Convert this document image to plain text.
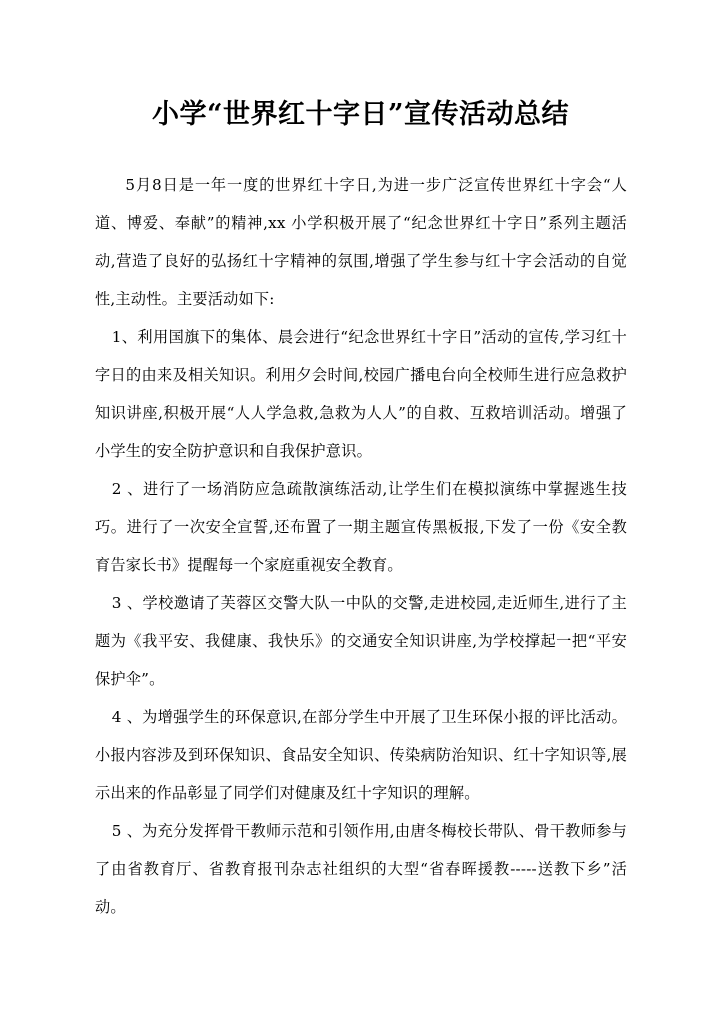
小学“世界红十字日”宣传活动总结

5月8日是一年一度的世界红十字日,为进一步广泛宣传世界红十字会“人道、博爱、奉献”的精神,xx 小学积极开展了“纪念世界红十字日”系列主题活动,营造了良好的弘扬红十字精神的氛围,增强了学生参与红十字会活动的自觉性,主动性。主要活动如下:

1、利用国旗下的集体、晨会进行“纪念世界红十字日”活动的宣传,学习红十字日的由来及相关知识。利用夕会时间,校园广播电台向全校师生进行应急救护知识讲座,积极开展“人人学急救,急救为人人”的自救、互救培训活动。增强了小学生的安全防护意识和自我保护意识。

2 、进行了一场消防应急疏散演练活动,让学生们在模拟演练中掌握逃生技巧。进行了一次安全宣誓,还布置了一期主题宣传黑板报,下发了一份《安全教育告家长书》提醒每一个家庭重视安全教育。

3 、学校邀请了芙蓉区交警大队一中队的交警,走进校园,走近师生,进行了主题为《我平安、我健康、我快乐》的交通安全知识讲座,为学校撑起一把“平安保护伞”。

4 、为增强学生的环保意识,在部分学生中开展了卫生环保小报的评比活动。小报内容涉及到环保知识、食品安全知识、传染病防治知识、红十字知识等,展示出来的作品彰显了同学们对健康及红十字知识的理解。

5 、为充分发挥骨干教师示范和引领作用,由唐冬梅校长带队、骨干教师参与了由省教育厅、省教育报刊杂志社组织的大型“省春晖援教-----送教下乡”活动。
